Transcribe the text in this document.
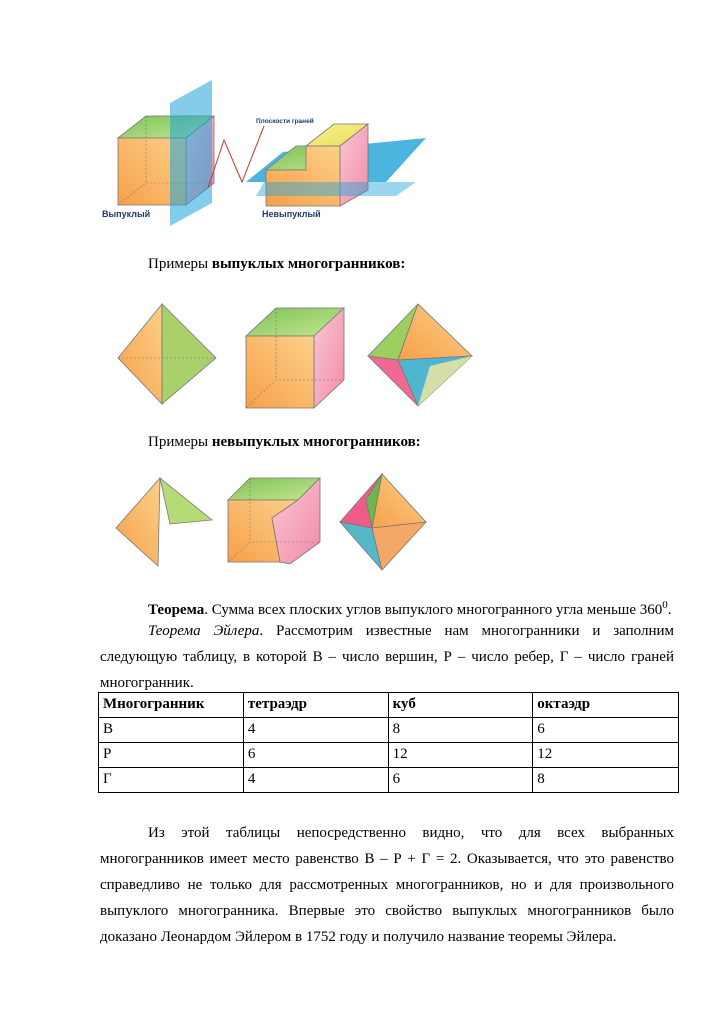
Выпуклый
Плоскости граней
Невыпуклый
Примеры выпуклых многогранников:
Примеры невыпуклых многогранников:
Теорема. Сумма всех плоских углов выпуклого многогранного угла меньше $360^0$.
Теорема Эйлера. Рассмотрим известные нам многогранники и заполним следующую таблицу, в которой В – число вершин, Р – число ребер, Г – число граней многогранник.
Многогранник	тетраэдр	куб	октаэдр
В	4	8	6
Р	6	12	12
Г	4	6	8
Из этой таблицы непосредственно видно, что для всех выбранных многогранников имеет место равенство В – Р + Г = 2. Оказывается, что это равенство справедливо не только для рассмотренных многогранников, но и для произвольного выпуклого многогранника. Впервые это свойство выпуклых многогранников было доказано Леонардом Эйлером в 1752 году и получило название теоремы Эйлера.
